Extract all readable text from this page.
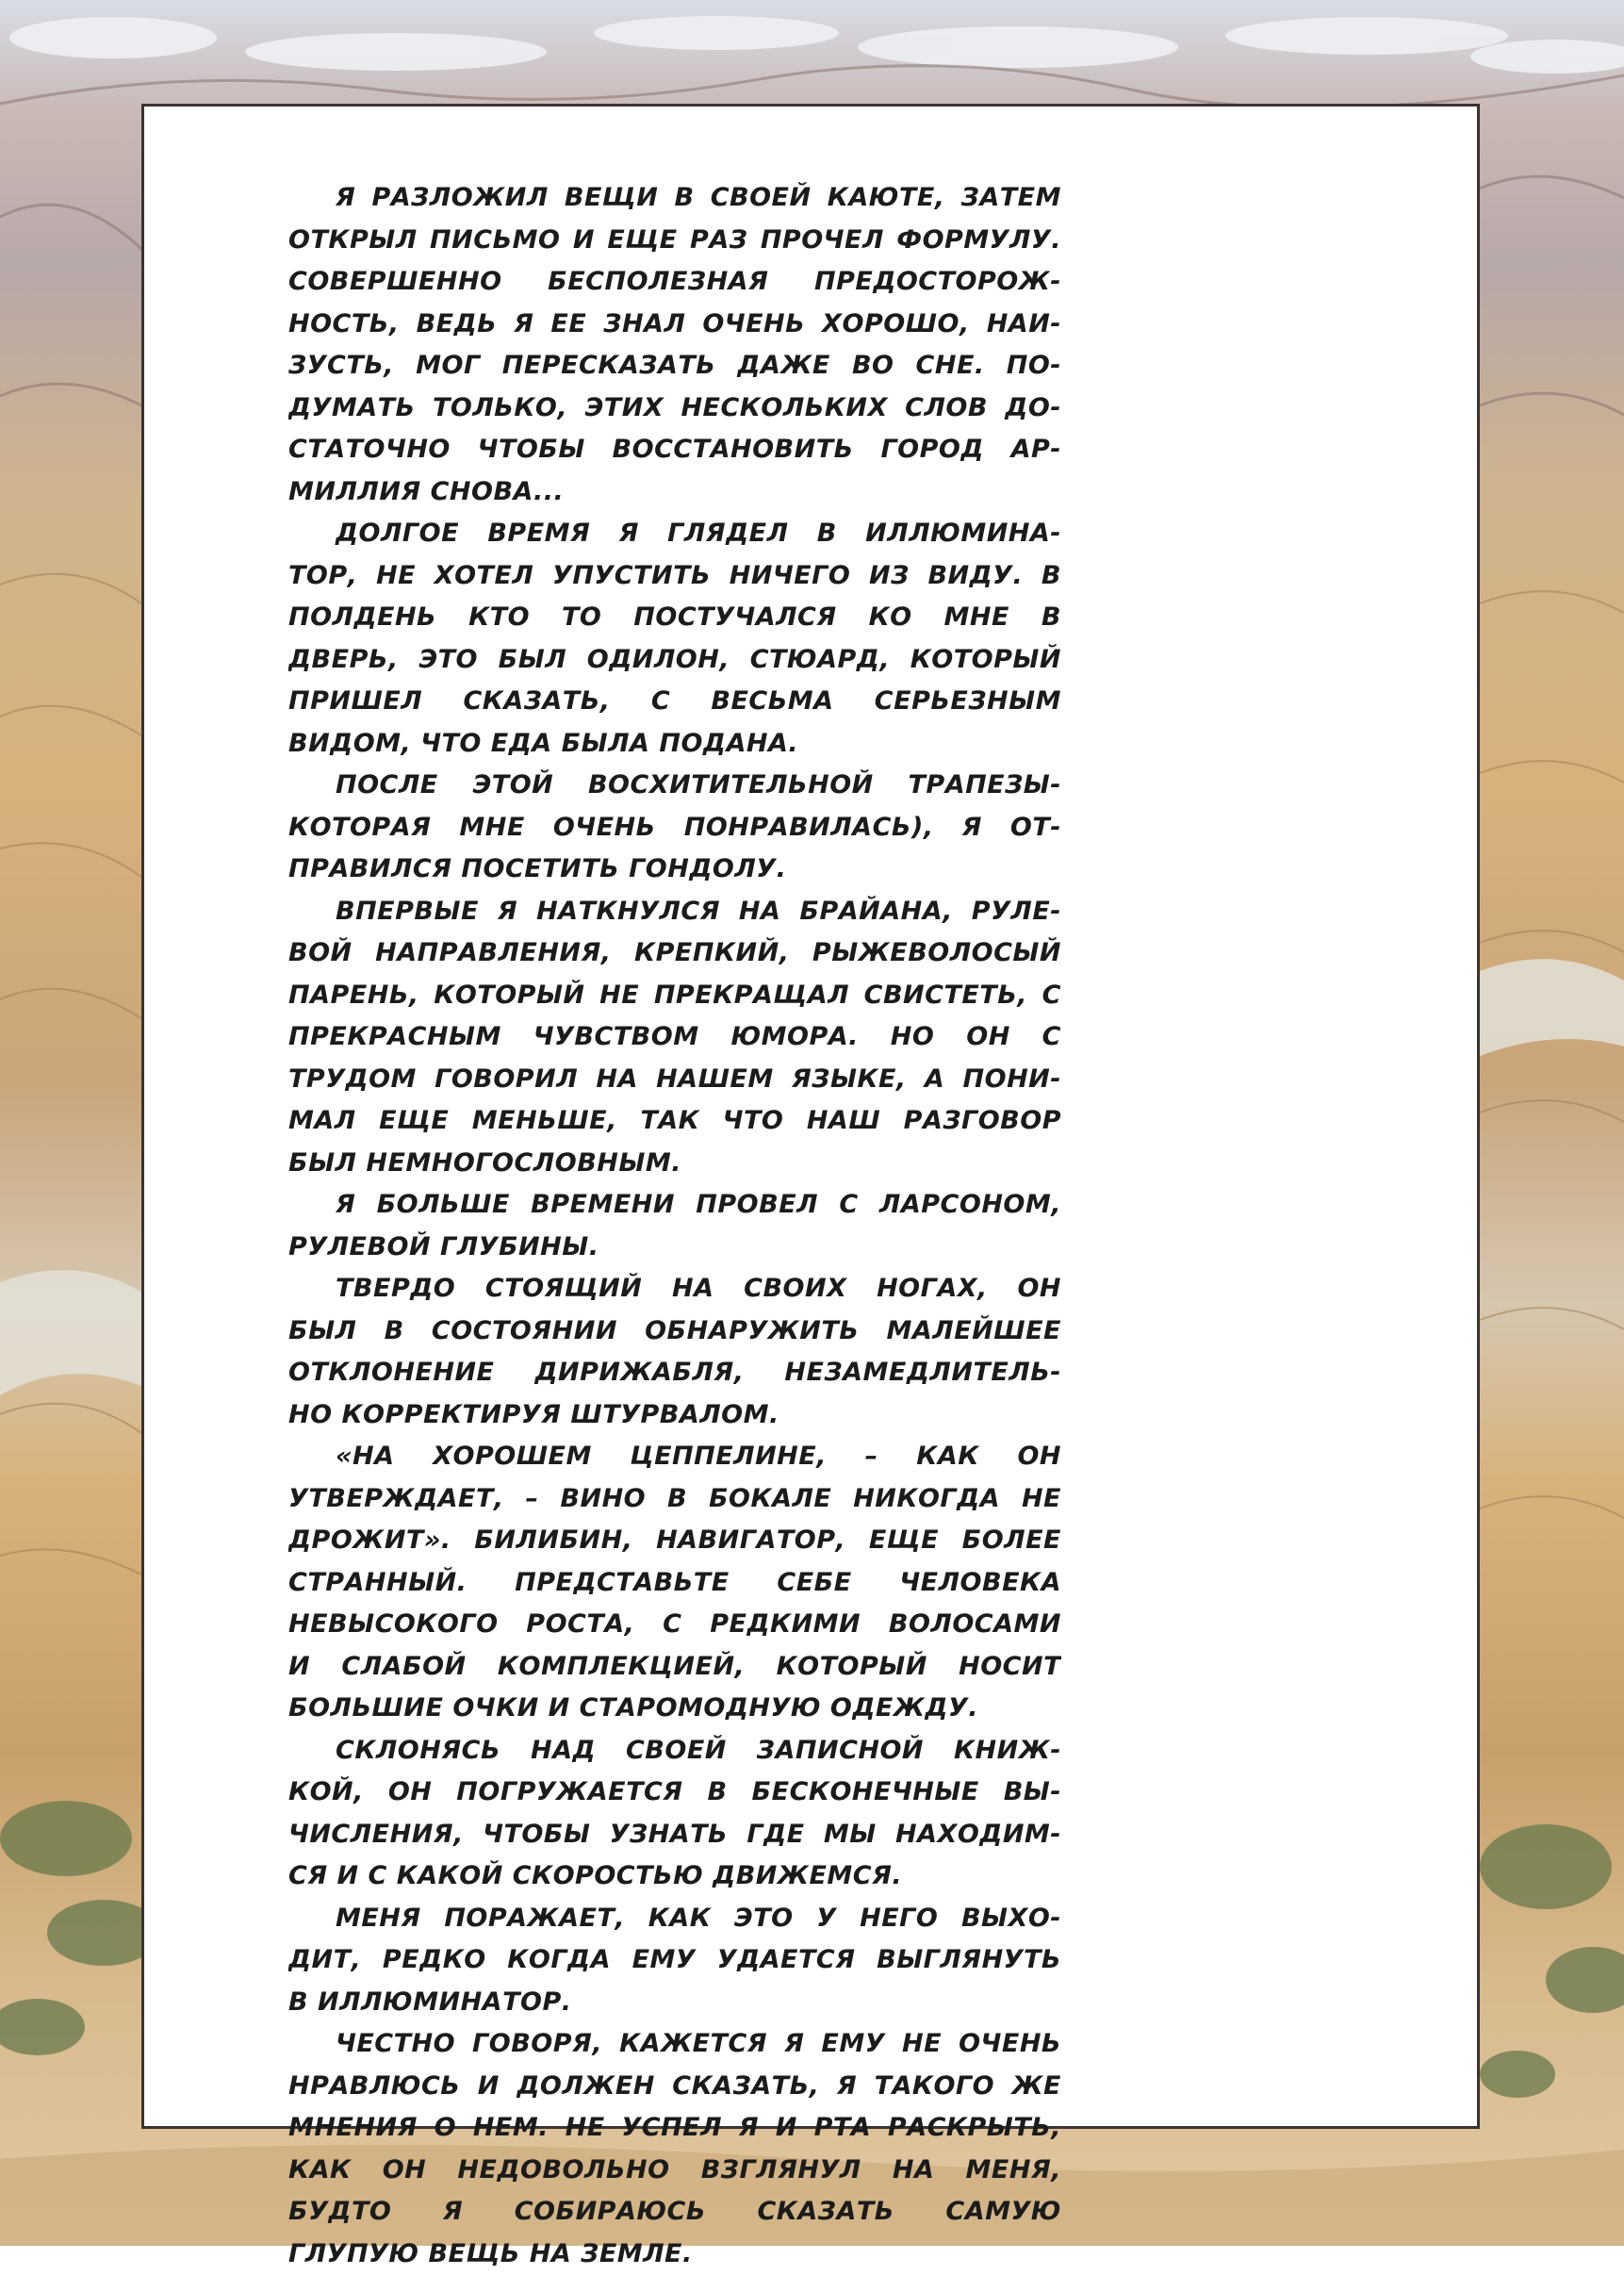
Я РАЗЛОЖИЛ ВЕЩИ В СВОЕЙ КАЮТЕ, ЗАТЕМ
ОТКРЫЛ ПИСЬМО И ЕЩЕ РАЗ ПРОЧЕЛ ФОРМУЛУ.
СОВЕРШЕННО БЕСПОЛЕЗНАЯ ПРЕДОСТОРОЖ-
НОСТЬ, ВЕДЬ Я ЕЕ ЗНАЛ ОЧЕНЬ ХОРОШО, НАИ-
ЗУСТЬ, МОГ ПЕРЕСКАЗАТЬ ДАЖЕ ВО СНЕ. ПО-
ДУМАТЬ ТОЛЬКО, ЭТИХ НЕСКОЛЬКИХ СЛОВ ДО-
СТАТОЧНО ЧТОБЫ ВОССТАНОВИТЬ ГОРОД АР-
МИЛЛИЯ СНОВА...
ДОЛГОЕ ВРЕМЯ Я ГЛЯДЕЛ В ИЛЛЮМИНА-
ТОР, НЕ ХОТЕЛ УПУСТИТЬ НИЧЕГО ИЗ ВИДУ. В
ПОЛДЕНЬ КТО ТО ПОСТУЧАЛСЯ КО МНЕ В
ДВЕРЬ, ЭТО БЫЛ ОДИЛОН, СТЮАРД, КОТОРЫЙ
ПРИШЕЛ СКАЗАТЬ, С ВЕСЬМА СЕРЬЕЗНЫМ
ВИДОМ, ЧТО ЕДА БЫЛА ПОДАНА.
ПОСЛЕ ЭТОЙ ВОСХИТИТЕЛЬНОЙ ТРАПЕЗЫ-
КОТОРАЯ МНЕ ОЧЕНЬ ПОНРАВИЛАСЬ), Я ОТ-
ПРАВИЛСЯ ПОСЕТИТЬ ГОНДОЛУ.
ВПЕРВЫЕ Я НАТКНУЛСЯ НА БРАЙАНА, РУЛЕ-
ВОЙ НАПРАВЛЕНИЯ, КРЕПКИЙ, РЫЖЕВОЛОСЫЙ
ПАРЕНЬ, КОТОРЫЙ НЕ ПРЕКРАЩАЛ СВИСТЕТЬ, С
ПРЕКРАСНЫМ ЧУВСТВОМ ЮМОРА. НО ОН С
ТРУДОМ ГОВОРИЛ НА НАШЕМ ЯЗЫКЕ, А ПОНИ-
МАЛ ЕЩЕ МЕНЬШЕ, ТАК ЧТО НАШ РАЗГОВОР
БЫЛ НЕМНОГОСЛОВНЫМ.
Я БОЛЬШЕ ВРЕМЕНИ ПРОВЕЛ С ЛАРСОНОМ,
РУЛЕВОЙ ГЛУБИНЫ.
ТВЕРДО СТОЯЩИЙ НА СВОИХ НОГАХ, ОН
БЫЛ В СОСТОЯНИИ ОБНАРУЖИТЬ МАЛЕЙШЕЕ
ОТКЛОНЕНИЕ ДИРИЖАБЛЯ, НЕЗАМЕДЛИТЕЛЬ-
НО КОРРЕКТИРУЯ ШТУРВАЛОМ.
«НА ХОРОШЕМ ЦЕППЕЛИНЕ, – КАК ОН
УТВЕРЖДАЕТ, – ВИНО В БОКАЛЕ НИКОГДА НЕ
ДРОЖИТ». БИЛИБИН, НАВИГАТОР, ЕЩЕ БОЛЕЕ
СТРАННЫЙ. ПРЕДСТАВЬТЕ СЕБЕ ЧЕЛОВЕКА
НЕВЫСОКОГО РОСТА, С РЕДКИМИ ВОЛОСАМИ
И СЛАБОЙ КОМПЛЕКЦИЕЙ, КОТОРЫЙ НОСИТ
БОЛЬШИЕ ОЧКИ И СТАРОМОДНУЮ ОДЕЖДУ.
СКЛОНЯСЬ НАД СВОЕЙ ЗАПИСНОЙ КНИЖ-
КОЙ, ОН ПОГРУЖАЕТСЯ В БЕСКОНЕЧНЫЕ ВЫ-
ЧИСЛЕНИЯ, ЧТОБЫ УЗНАТЬ ГДЕ МЫ НАХОДИМ-
СЯ И С КАКОЙ СКОРОСТЬЮ ДВИЖЕМСЯ.
МЕНЯ ПОРАЖАЕТ, КАК ЭТО У НЕГО ВЫХО-
ДИТ, РЕДКО КОГДА ЕМУ УДАЕТСЯ ВЫГЛЯНУТЬ
В ИЛЛЮМИНАТОР.
ЧЕСТНО ГОВОРЯ, КАЖЕТСЯ Я ЕМУ НЕ ОЧЕНЬ
НРАВЛЮСЬ И ДОЛЖЕН СКАЗАТЬ, Я ТАКОГО ЖЕ
МНЕНИЯ О НЕМ. НЕ УСПЕЛ Я И РТА РАСКРЫТЬ,
КАК ОН НЕДОВОЛЬНО ВЗГЛЯНУЛ НА МЕНЯ,
БУДТО Я СОБИРАЮСЬ СКАЗАТЬ САМУЮ
ГЛУПУЮ ВЕЩЬ НА ЗЕМЛЕ.
